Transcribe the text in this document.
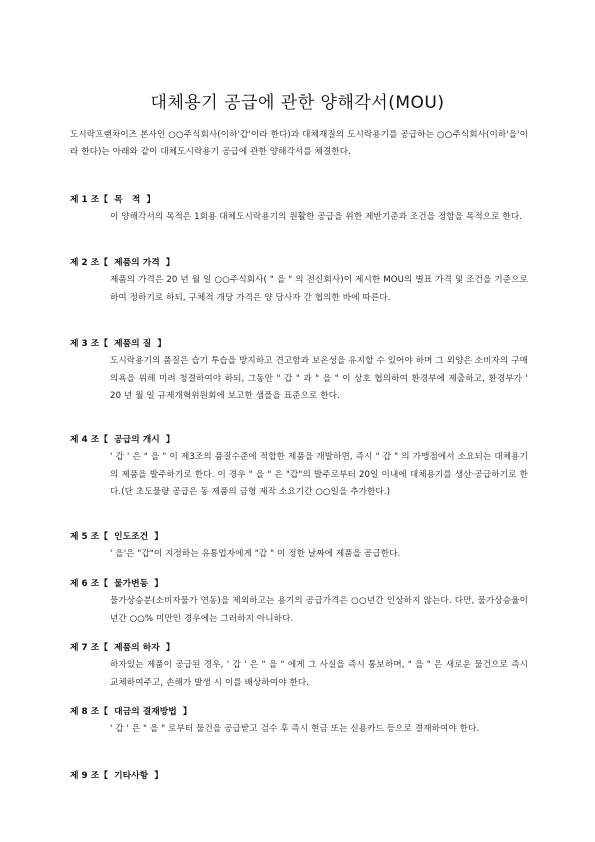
대체용기 공급에 관한 양해각서(MOU)
도시락프랜차이즈 본사인 ○○주식회사(이하'갑'이라 한다)과 대체재질의 도시락용기를 공급하는 ○○주식회사(이하'을'이라 한다)는 아래와 같이 대체도시락용기 공급에 관한 양해각서를 체결한다.
제 1 조【  목   적  】
이 양해각서의 목적은 1회용 대체도시락용기의 원활한 공급을 위한 제반기준과 조건을 정함을 목적으로 한다.
제 2 조【  제품의 가격  】
제품의 가격은 20 년 월 일 ○○주식회사( " 을 " 의 전신회사)이 제시한 MOU의 별표 가격 및 조건을 기준으로 하여 정하기로 하되, 구체적 개당 가격은 양 당사자 간 협의한 바에 따른다.
제 3 조【  제품의 질  】
도시락용기의 품질은 습기 투습을 방지하고 견고함과 보온성을 유지할 수 있어야 하며 그 외양은 소비자의 구매의욕을 위해 미려 청결하여야 하되, 그동안 " 갑 " 과 " 을 " 이 상호 협의하여 환경부에 제출하고, 환경부가 ' 20 년 월 일 규제개혁위원회에 보고한 샘플을 표준으로 한다.
제 4 조【  공급의 개시  】
' 갑 ' 은 " 을 " 이 제3조의 품질수준에 적합한 제품을 개발하면, 즉시 " 갑 " 의 가맹점에서 소요되는 대체용기의 제품을 발주하기로 한다. 이 경우 " 을 " 은 "갑"의 발주로부터 20일 이내에 대체용기를 생산·공급하기로 한다.(단 초도물량 공급은 동 제품의 금형 제작 소요기간 ○○일을 추가한다.)
제 5 조【  인도조건  】
' 을'은 "갑"이 지정하는 유통업자에게 "갑 " 이 정한 날짜에 제품을 공급한다.
제 6 조【  물가변동  】
물가상승분(소비자물가 연동)을 제외하고는 용기의 공급가격은 ○○년간 인상하지 않는다. 다만, 물가상승율이 년간 ○○% 미만인 경우에는 그러하지 아니하다.
제 7 조【  제품의 하자  】
하자있는 제품이 공급된 경우, ' 갑 ' 은 " 을 " 에게 그 사실을 즉시 통보하며, " 을 " 은 새로운 물건으로 즉시 교체하여주고, 손해가 발생 시 이를 배상하여야 한다.
제 8 조【  대금의 결재방법  】
' 갑 ' 은 " 을 " 로부터 물건을 공급받고 검수 후 즉시 현금 또는 신용카드 등으로 결재하여야 한다.
제 9 조【  기타사항  】
